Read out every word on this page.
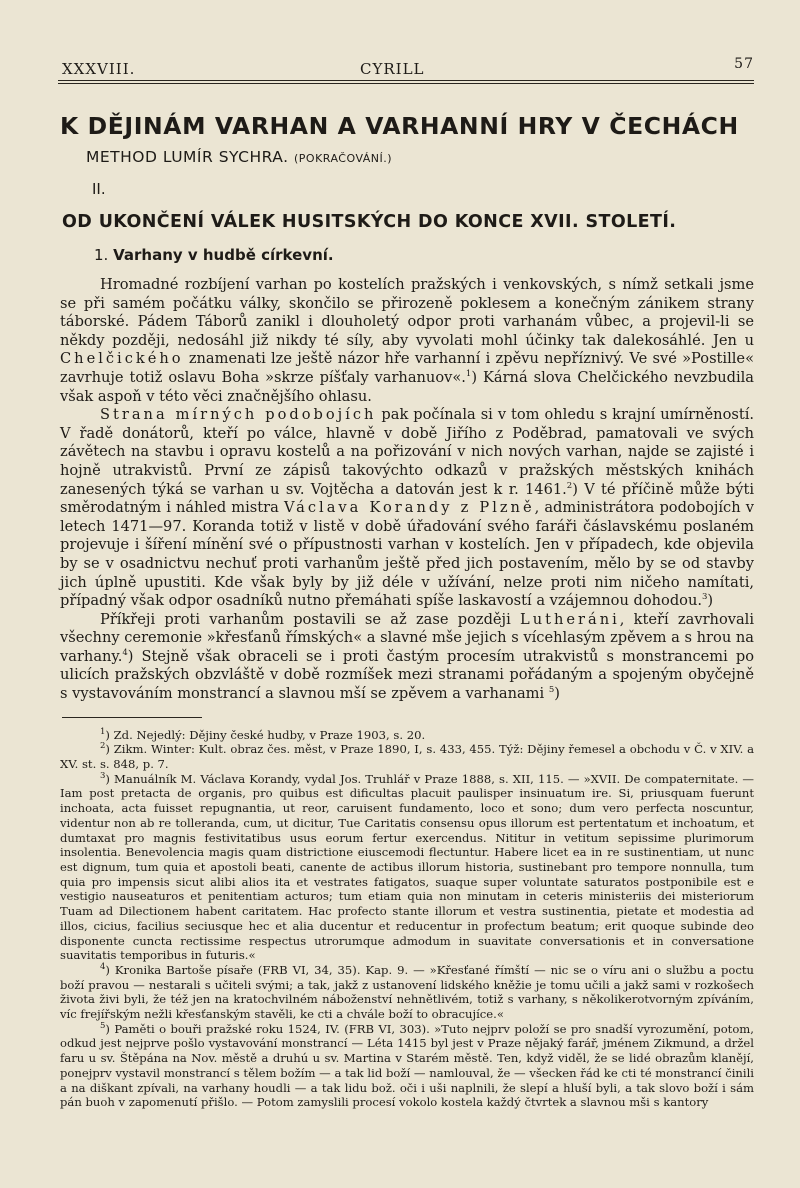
XXXVIII.	CYRILL	57
K DĚJINÁM VARHAN A VARHANNÍ HRY V ČECHÁCH
METHOD LUMÍR SYCHRA. (POKRAČOVÁNÍ.)
II.
OD UKONČENÍ VÁLEK HUSITSKÝCH DO KONCE XVII. STOLETÍ.
1. Varhany v hudbě církevní.

Hromadné rozbíjení varhan po kostelích pražských i venkovských, s nímž setkali jsme se při samém počátku války, skončilo se přirozeně poklesem a konečným zánikem strany táborské. Pádem Táborů zanikl i dlouholetý odpor proti varhanám vůbec, a projevil-li se někdy později, nedosáhl již nikdy té síly, aby vyvolati mohl účinky tak dalekosáhlé. Jen u Chelčického znamenati lze ještě názor hře varhanní i zpěvu nepříznivý. Ve své »Postille« zavrhuje totiž oslavu Boha »skrze píšťaly varhanuov«.$^1$) Kárná slova Chelčického nevzbudila však aspoň v této věci značnějšího ohlasu.

Strana mírných podobojích pak počínala si v tom ohledu s krajní umírněností. V řadě donátorů, kteří po válce, hlavně v době Jiřího z Poděbrad, pamatovali ve svých závětech na stavbu i opravu kostelů a na pořizování v nich nových varhan, najde se zajisté i hojně utrakvistů. První ze zápisů takovýchto odkazů v pražských městských knihách zanesených týká se varhan u sv. Vojtěcha a datován jest k r. 1461.$^2$) V té příčině může býti směrodatným i náhled mistra Václava Korandy z Plzně, administrátora podobojích v letech 1471—97. Koranda totiž v listě v době úřadování svého faráři čáslavskému poslaném projevuje i šíření mínění své o přípustnosti varhan v kostelích. Jen v případech, kde objevila by se v osadnictvu nechuť proti varhanům ještě před jich postavením, mělo by se od stavby jich úplně upustiti. Kde však byly by již déle v užívání, nelze proti nim ničeho namítati, případný však odpor osadníků nutno přemáhati spíše laskavostí a vzájemnou dohodou.$^3$)

Příkřeji proti varhanům postavili se až zase později Lutheráni, kteří zavrhovali všechny ceremonie »křesťanů římských« a slavné mše jejich s vícehlasým zpěvem a s hrou na varhany.$^4$) Stejně však obraceli se i proti častým procesím utrakvistů s monstrancemi po ulicích pražských obzvláště v době rozmíšek mezi stranami pořádaným a spojeným obyčejně s vystavováním monstrancí a slavnou mší se zpěvem a varhanami $^5$)

$^1$) Zd. Nejedlý: Dějiny české hudby, v Praze 1903, s. 20.

$^2$) Zikm. Winter: Kult. obraz čes. měst, v Praze 1890, I, s. 433, 455. Týž: Dějiny řemesel a obchodu v Č. v XIV. a XV. st. s. 848, p. 7.

$^3$) Manuálník M. Václava Korandy, vydal Jos. Truhlář v Praze 1888, s. XII, 115. — »XVII. De compaternitate. — Iam post pretacta de organis, pro quibus est dificultas placuit paulisper insinuatum ire. Si, priusquam fuerunt inchoata, acta fuisset repugnantia, ut reor, caruisent fundamento, loco et sono; dum vero perfecta noscuntur, videntur non ab re tolleranda, cum, ut dicitur, Tue Caritatis consensu opus illorum est pertentatum et inchoatum, et dumtaxat pro magnis festivitatibus usus eorum fertur exercendus. Nititur in vetitum sepissime plurimorum insolentia. Benevolencia magis quam districtione eiuscemodi flectuntur. Habere licet ea in re sustinentiam, ut nunc est dignum, tum quia et apostoli beati, canente de actibus illorum historia, sustinebant pro tempore nonnulla, tum quia pro impensis sicut alibi alios ita et vestrates fatigatos, suaque super voluntate saturatos postponibile est e vestigio nauseaturos et penitentiam acturos; tum etiam quia non minutam in ceteris ministeriis dei misteriorum Tuam ad Dilectionem habent caritatem. Hac profecto stante illorum et vestra sustinentia, pietate et modestia ad illos, cicius, facilius seciusque hec et alia ducentur et reducentur in profectum beatum; erit quoque subinde deo disponente cuncta rectissime respectus utrorumque admodum in suavitate conversationis et in conversatione suavitatis temporibus in futuris.«

$^4$) Kronika Bartoše písaře (FRB VI, 34, 35). Kap. 9. — »Křesťané římští — nic se o víru ani o službu a poctu boží pravou — nestarali s učiteli svými; a tak, jakž z ustanovení lidského kněžie je tomu učili a jakž sami v rozkošech života živi byli, že též jen na kratochvilném náboženství nehnětlivém, totiž s varhany, s několikerotvorným zpíváním, víc frejířským nežli křesťanským stavěli, ke cti a chvále boží to obracujíce.«

$^5$) Paměti o bouři pražské roku 1524, IV. (FRB VI, 303). »Tuto nejprv položí se pro snadší vyrozumění, potom, odkud jest nejprve pošlo vystavování monstrancí — Léta 1415 byl jest v Praze nějaký farář, jménem Zikmund, a držel faru u sv. Štěpána na Nov. městě a druhú u sv. Martina v Starém městě. Ten, když viděl, že se lidé obrazům klanějí, ponejprv vystavil monstrancí s tělem božím — a tak lid boží — namlouval, že — všecken řád ke cti té monstrancí činili a na diškant zpívali, na varhany houdli — a tak lidu bož. oči i uši naplnili, že slepí a hluší byli, a tak slovo boží i sám pán buoh v zapomenutí přišlo. — Potom zamyslili procesí vokolo kostela každý čtvrtek a slavnou mši s kantory
